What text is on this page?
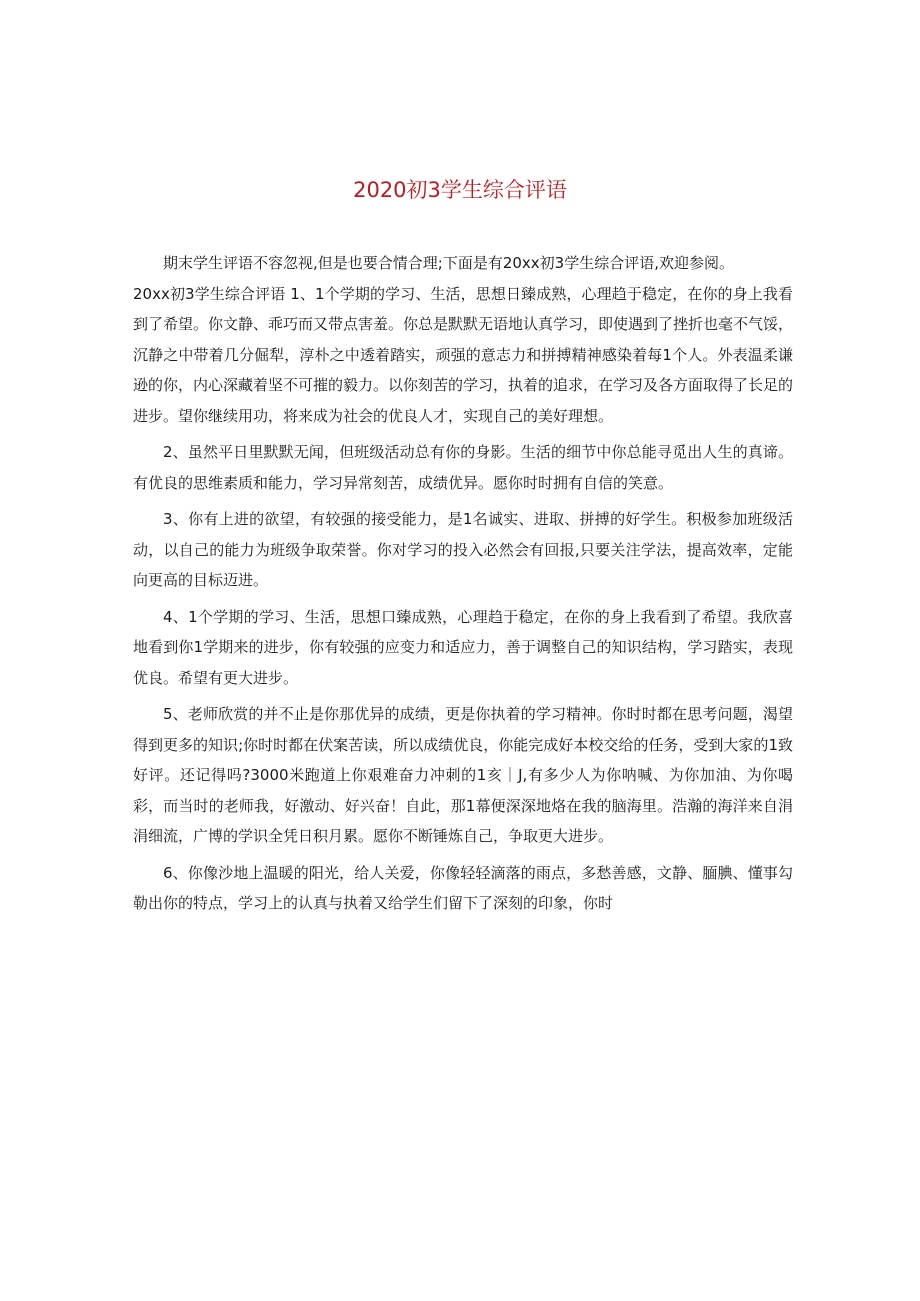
2020初3学生综合评语

期末学生评语不容忽视,但是也要合情合理;下面是有20xx初3学生综合评语,欢迎参阅。

20xx初3学生综合评语 1、1个学期的学习、生活，思想日臻成熟，心理趋于稳定，在你的身上我看到了希望。你文静、乖巧而又带点害羞。你总是默默无语地认真学习，即使遇到了挫折也毫不气馁，沉静之中带着几分倔犁，淳朴之中透着踏实，顽强的意志力和拼搏精神感染着每1个人。外表温柔谦逊的你，内心深藏着坚不可摧的毅力。以你刻苦的学习，执着的追求，在学习及各方面取得了长足的进步。望你继续用功，将来成为社会的优良人才，实现自己的美好理想。

2、虽然平日里默默无闻，但班级活动总有你的身影。生活的细节中你总能寻觅出人生的真谛。有优良的思维素质和能力，学习异常刻苦，成绩优异。愿你时时拥有自信的笑意。

3、你有上进的欲望，有较强的接受能力，是1名诚实、进取、拼搏的好学生。积极参加班级活动，以自己的能力为班级争取荣誉。你对学习的投入必然会有回报,只要关注学法，提高效率，定能向更高的目标迈进。

4、1个学期的学习、生活，思想口臻成熟，心理趋于稳定，在你的身上我看到了希望。我欣喜地看到你1学期来的进步，你有较强的应变力和适应力，善于调整自己的知识结构，学习踏实，表现优良。希望有更大进步。

5、老师欣赏的并不止是你那优异的成绩，更是你执着的学习精神。你时时都在思考问题，渴望得到更多的知识;你时时都在伏案苦读，所以成绩优良，你能完成好本校交给的任务，受到大家的1致好评。还记得吗?3000米跑道上你艰难奋力冲刺的1亥｜J,有多少人为你呐喊、为你加油、为你喝彩，而当时的老师我，好激动、好兴奋！自此，那1幕便深深地烙在我的脑海里。浩瀚的海洋来自涓涓细流，广博的学识全凭日积月累。愿你不断锤炼自己，争取更大进步。

6、你像沙地上温暖的阳光，给人关爱，你像轻轻滴落的雨点，多愁善感，文静、腼腆、懂事勾勒出你的特点，学习上的认真与执着又给学生们留下了深刻的印象，你时
